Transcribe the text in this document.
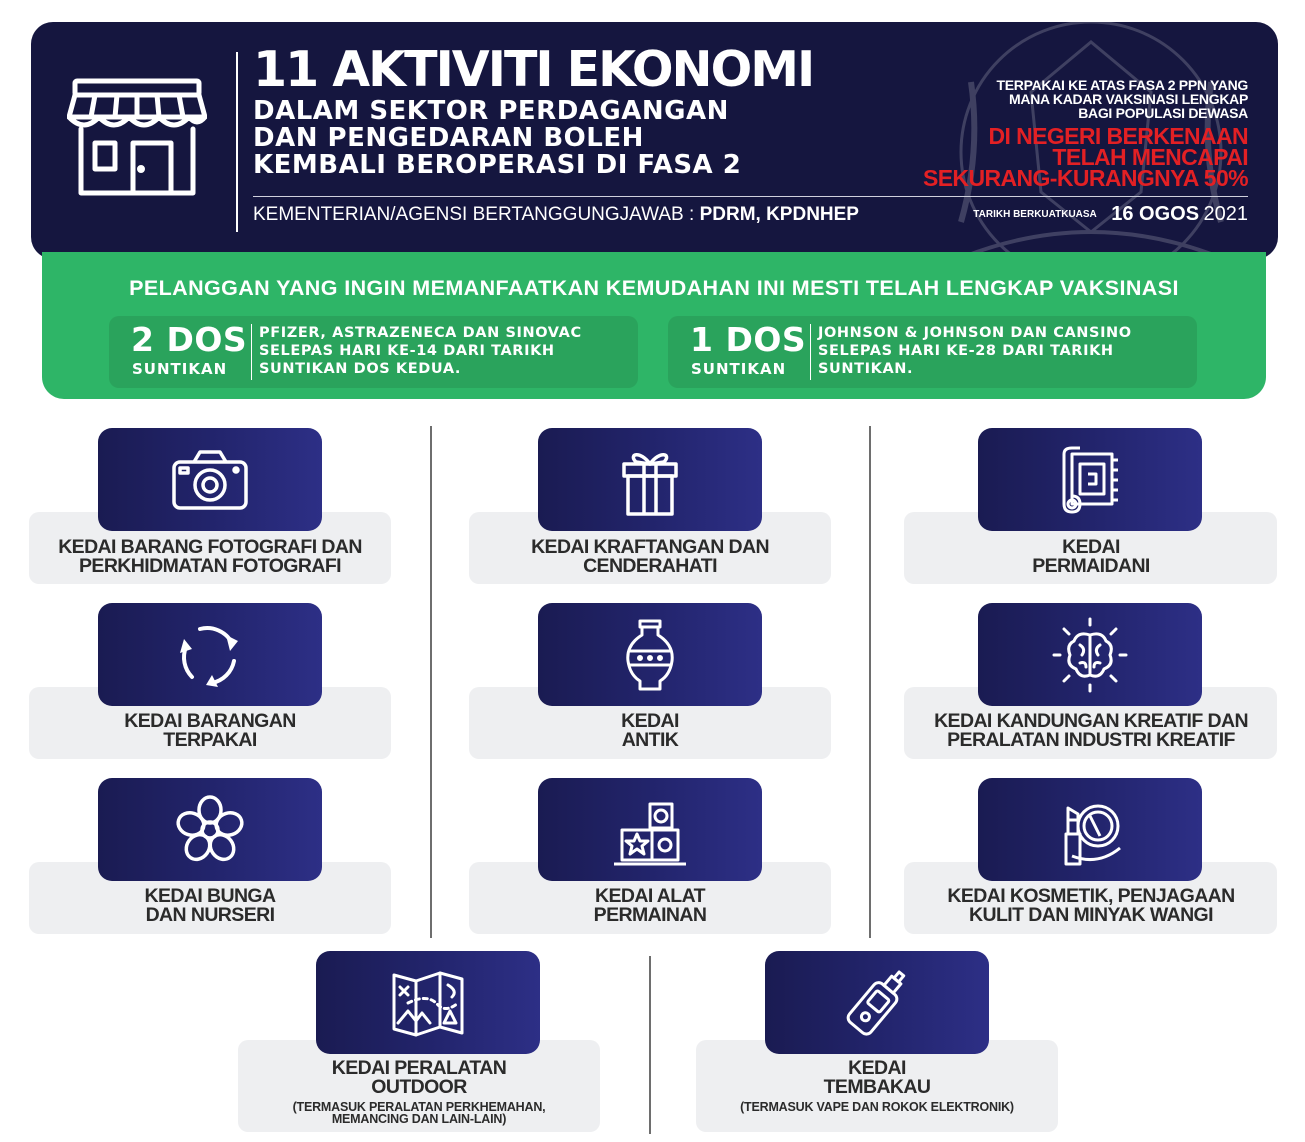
11 AKTIVITI EKONOMI
DALAM SEKTOR PERDAGANGAN
DAN PENGEDARAN BOLEH
KEMBALI BEROPERASI DI FASA 2
KEMENTERIAN/AGENSI BERTANGGUNGJAWAB : PDRM, KPDNHEP
TERPAKAI KE ATAS FASA 2 PPN YANG
MANA KADAR VAKSINASI LENGKAP
BAGI POPULASI DEWASA
DI NEGERI BERKENAAN
TELAH MENCAPAI
SEKURANG-KURANGNYA 50%
TARIKH BERKUATKUASA 16 OGOS 2021
PELANGGAN YANG INGIN MEMANFAATKAN KEMUDAHAN INI MESTI TELAH LENGKAP VAKSINASI
2 DOS
SUNTIKAN
PFIZER, ASTRAZENECA DAN SINOVAC
SELEPAS HARI KE-14 DARI TARIKH
SUNTIKAN DOS KEDUA.
1 DOS
SUNTIKAN
JOHNSON & JOHNSON DAN CANSINO
SELEPAS HARI KE-28 DARI TARIKH
SUNTIKAN.
KEDAI BARANG FOTOGRAFI DAN
PERKHIDMATAN FOTOGRAFI
KEDAI KRAFTANGAN DAN
CENDERAHATI
KEDAI
PERMAIDANI
KEDAI BARANGAN
TERPAKAI
KEDAI
ANTIK
KEDAI KANDUNGAN KREATIF DAN
PERALATAN INDUSTRI KREATIF
KEDAI BUNGA
DAN NURSERI
KEDAI ALAT
PERMAINAN
KEDAI KOSMETIK, PENJAGAAN
KULIT DAN MINYAK WANGI
KEDAI PERALATAN
OUTDOOR
(TERMASUK PERALATAN PERKHEMAHAN,
MEMANCING DAN LAIN-LAIN)
KEDAI
TEMBAKAU
(TERMASUK VAPE DAN ROKOK ELEKTRONIK)
